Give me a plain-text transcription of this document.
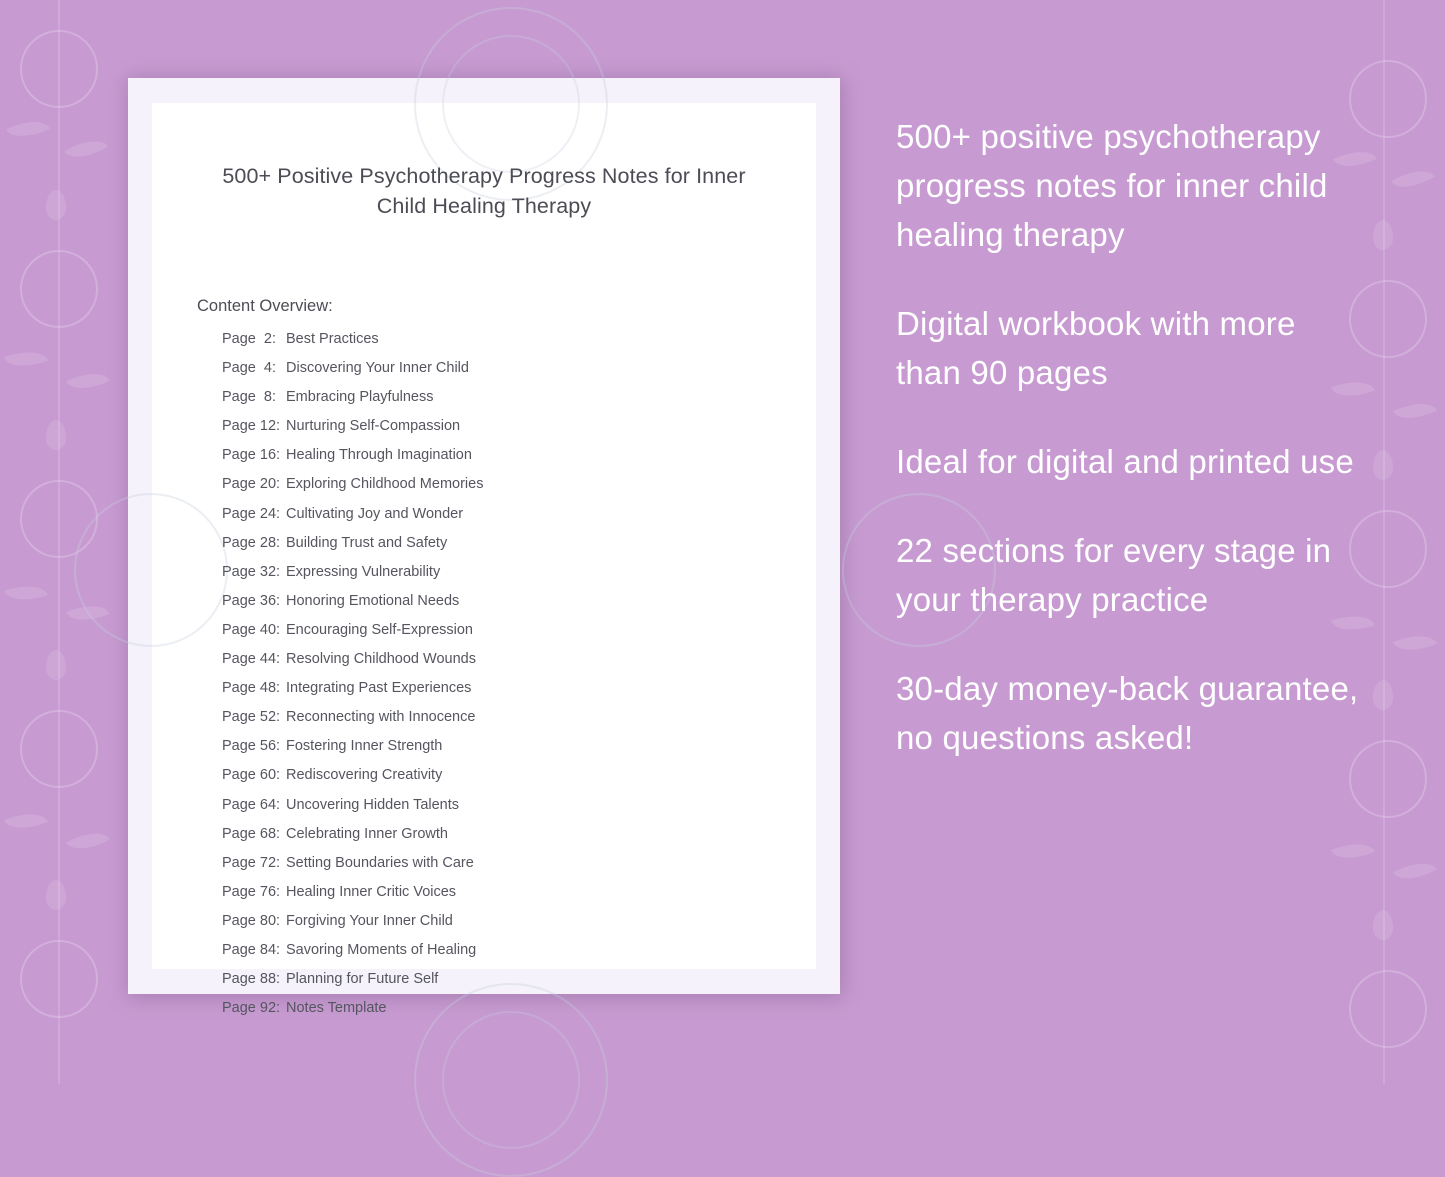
500+ Positive Psychotherapy Progress Notes for Inner Child Healing Therapy
Content Overview:
Page  2: Best Practices
Page  4: Discovering Your Inner Child
Page  8: Embracing Playfulness
Page 12: Nurturing Self-Compassion
Page 16: Healing Through Imagination
Page 20: Exploring Childhood Memories
Page 24: Cultivating Joy and Wonder
Page 28: Building Trust and Safety
Page 32: Expressing Vulnerability
Page 36: Honoring Emotional Needs
Page 40: Encouraging Self-Expression
Page 44: Resolving Childhood Wounds
Page 48: Integrating Past Experiences
Page 52: Reconnecting with Innocence
Page 56: Fostering Inner Strength
Page 60: Rediscovering Creativity
Page 64: Uncovering Hidden Talents
Page 68: Celebrating Inner Growth
Page 72: Setting Boundaries with Care
Page 76: Healing Inner Critic Voices
Page 80: Forgiving Your Inner Child
Page 84: Savoring Moments of Healing
Page 88: Planning for Future Self
Page 92: Notes Template

500+ positive psychotherapy progress notes for inner child healing therapy

Digital workbook with more than 90 pages

Ideal for digital and printed use

22 sections for every stage in your therapy practice

30-day money-back guarantee, no questions asked!
